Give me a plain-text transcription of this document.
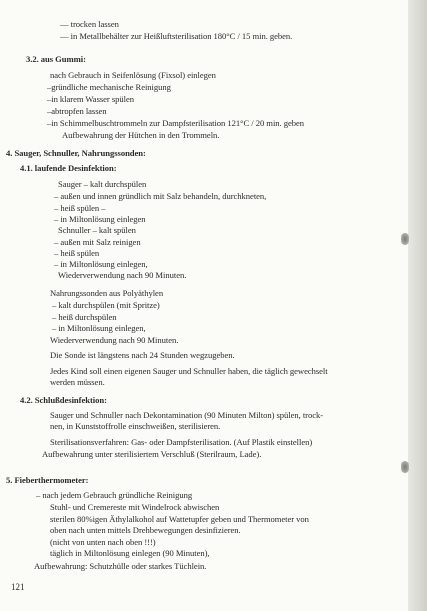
— trocken lassen
— in Metallbehälter zur Heißluftsterilisation 180°C / 15 min. geben.
3.2. aus Gummi:
nach Gebrauch in Seifenlösung (Fixsol) einlegen
–gründliche mechanische Reinigung
–in klarem Wasser spülen
–abtropfen lassen
–in Schimmelbuschtrommeln zur Dampfsterilisation 121°C / 20 min. geben
Aufbewahrung der Hütchen in den Trommeln.
4. Sauger, Schnuller, Nahrungssonden:
4.1. laufende Desinfektion:
Sauger – kalt durchspülen
– außen und innen gründlich mit Salz behandeln, durchkneten,
– heiß spülen –
– in Miltonlösung einlegen
Schnuller – kalt spülen
– außen mit Salz reinigen
– heiß spülen
– in Miltonlösung einlegen,
Wiederverwendung nach 90 Minuten.
Nahrungssonden aus Polyäthylen
– kalt durchspülen (mit Spritze)
– heiß durchspülen
– in Miltonlösung einlegen,
Wiederverwendung nach 90 Minuten.
Die Sonde ist längstens nach 24 Stunden wegzugeben.
Jedes Kind soll einen eigenen Sauger und Schnuller haben, die täglich gewechselt
werden müssen.
4.2. Schlußdesinfektion:
Sauger und Schnuller nach Dekontamination (90 Minuten Milton) spülen, trock-
nen, in Kunststoffrolle einschweißen, sterilisieren.
Sterilisationsverfahren: Gas- oder Dampfsterilisation. (Auf Plastik einstellen)
Aufbewahrung unter sterilisiertem Verschluß (Sterilraum, Lade).
5. Fieberthermometer:
– nach jedem Gebrauch gründliche Reinigung
Stuhl- und Cremereste mit Windelrock abwischen
sterilen 80%igen Äthylalkohol auf Wattetupfer geben und Thermometer von
oben nach unten mittels Drehbewegungen desinfizieren.
(nicht von unten nach oben !!!)
täglich in Miltonlösung einlegen (90 Minuten),
Aufbewahrung: Schutzhülle oder starkes Tüchlein.
121
